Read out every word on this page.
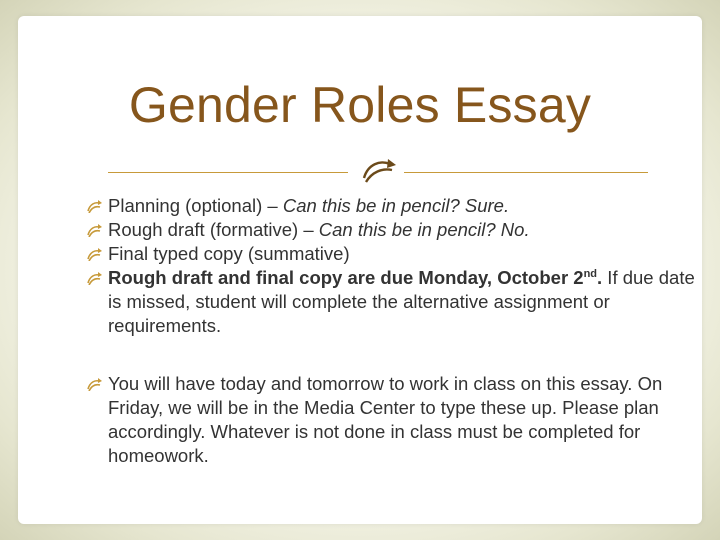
Gender Roles Essay
Planning (optional) – Can this be in pencil? Sure.
Rough draft (formative) – Can this be in pencil? No.
Final typed copy (summative)
Rough draft and final copy are due Monday, October 2nd. If due date is missed, student will complete the alternative assignment or requirements.
You will have today and tomorrow to work in class on this essay. On Friday, we will be in the Media Center to type these up. Please plan accordingly. Whatever is not done in class must be completed for homeowork.
